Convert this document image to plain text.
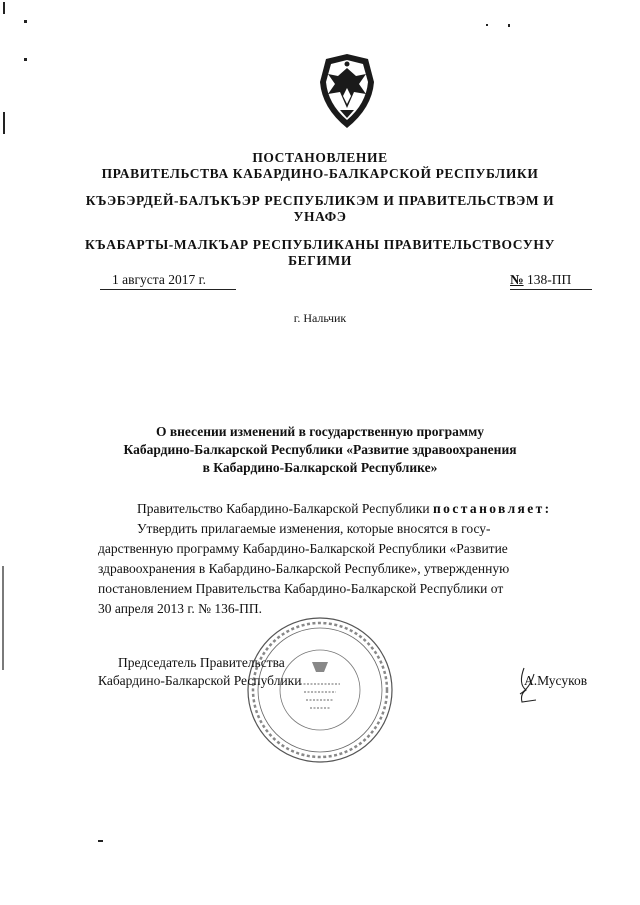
ПОСТАНОВЛЕНИЕ
ПРАВИТЕЛЬСТВА КАБАРДИНО-БАЛКАРСКОЙ РЕСПУБЛИКИ
КЪЭБЭРДЕЙ-БАЛЪКЪЭР РЕСПУБЛИКЭМ И ПРАВИТЕЛЬСТВЭМ И
УНАФЭ
КЪАБАРТЫ-МАЛКЪАР РЕСПУБЛИКАНЫ ПРАВИТЕЛЬСТВОСУНУ
БЕГИМИ
1 августа 2017 г.	№ 138-ПП
г. Нальчик
О внесении изменений в государственную программу
Кабардино-Балкарской Республики «Развитие здравоохранения
в Кабардино-Балкарской Республике»
Правительство Кабардино-Балкарской Республики постановляет:
Утвердить прилагаемые изменения, которые вносятся в госу-
дарственную программу Кабардино-Балкарской Республики «Развитие
здравоохранения в Кабардино-Балкарской Республике», утвержденную
постановлением Правительства Кабардино-Балкарской Республики от
30 апреля 2013 г. № 136-ПП.
Председатель Правительства
Кабардино-Балкарской Республики	А.Мусуков
